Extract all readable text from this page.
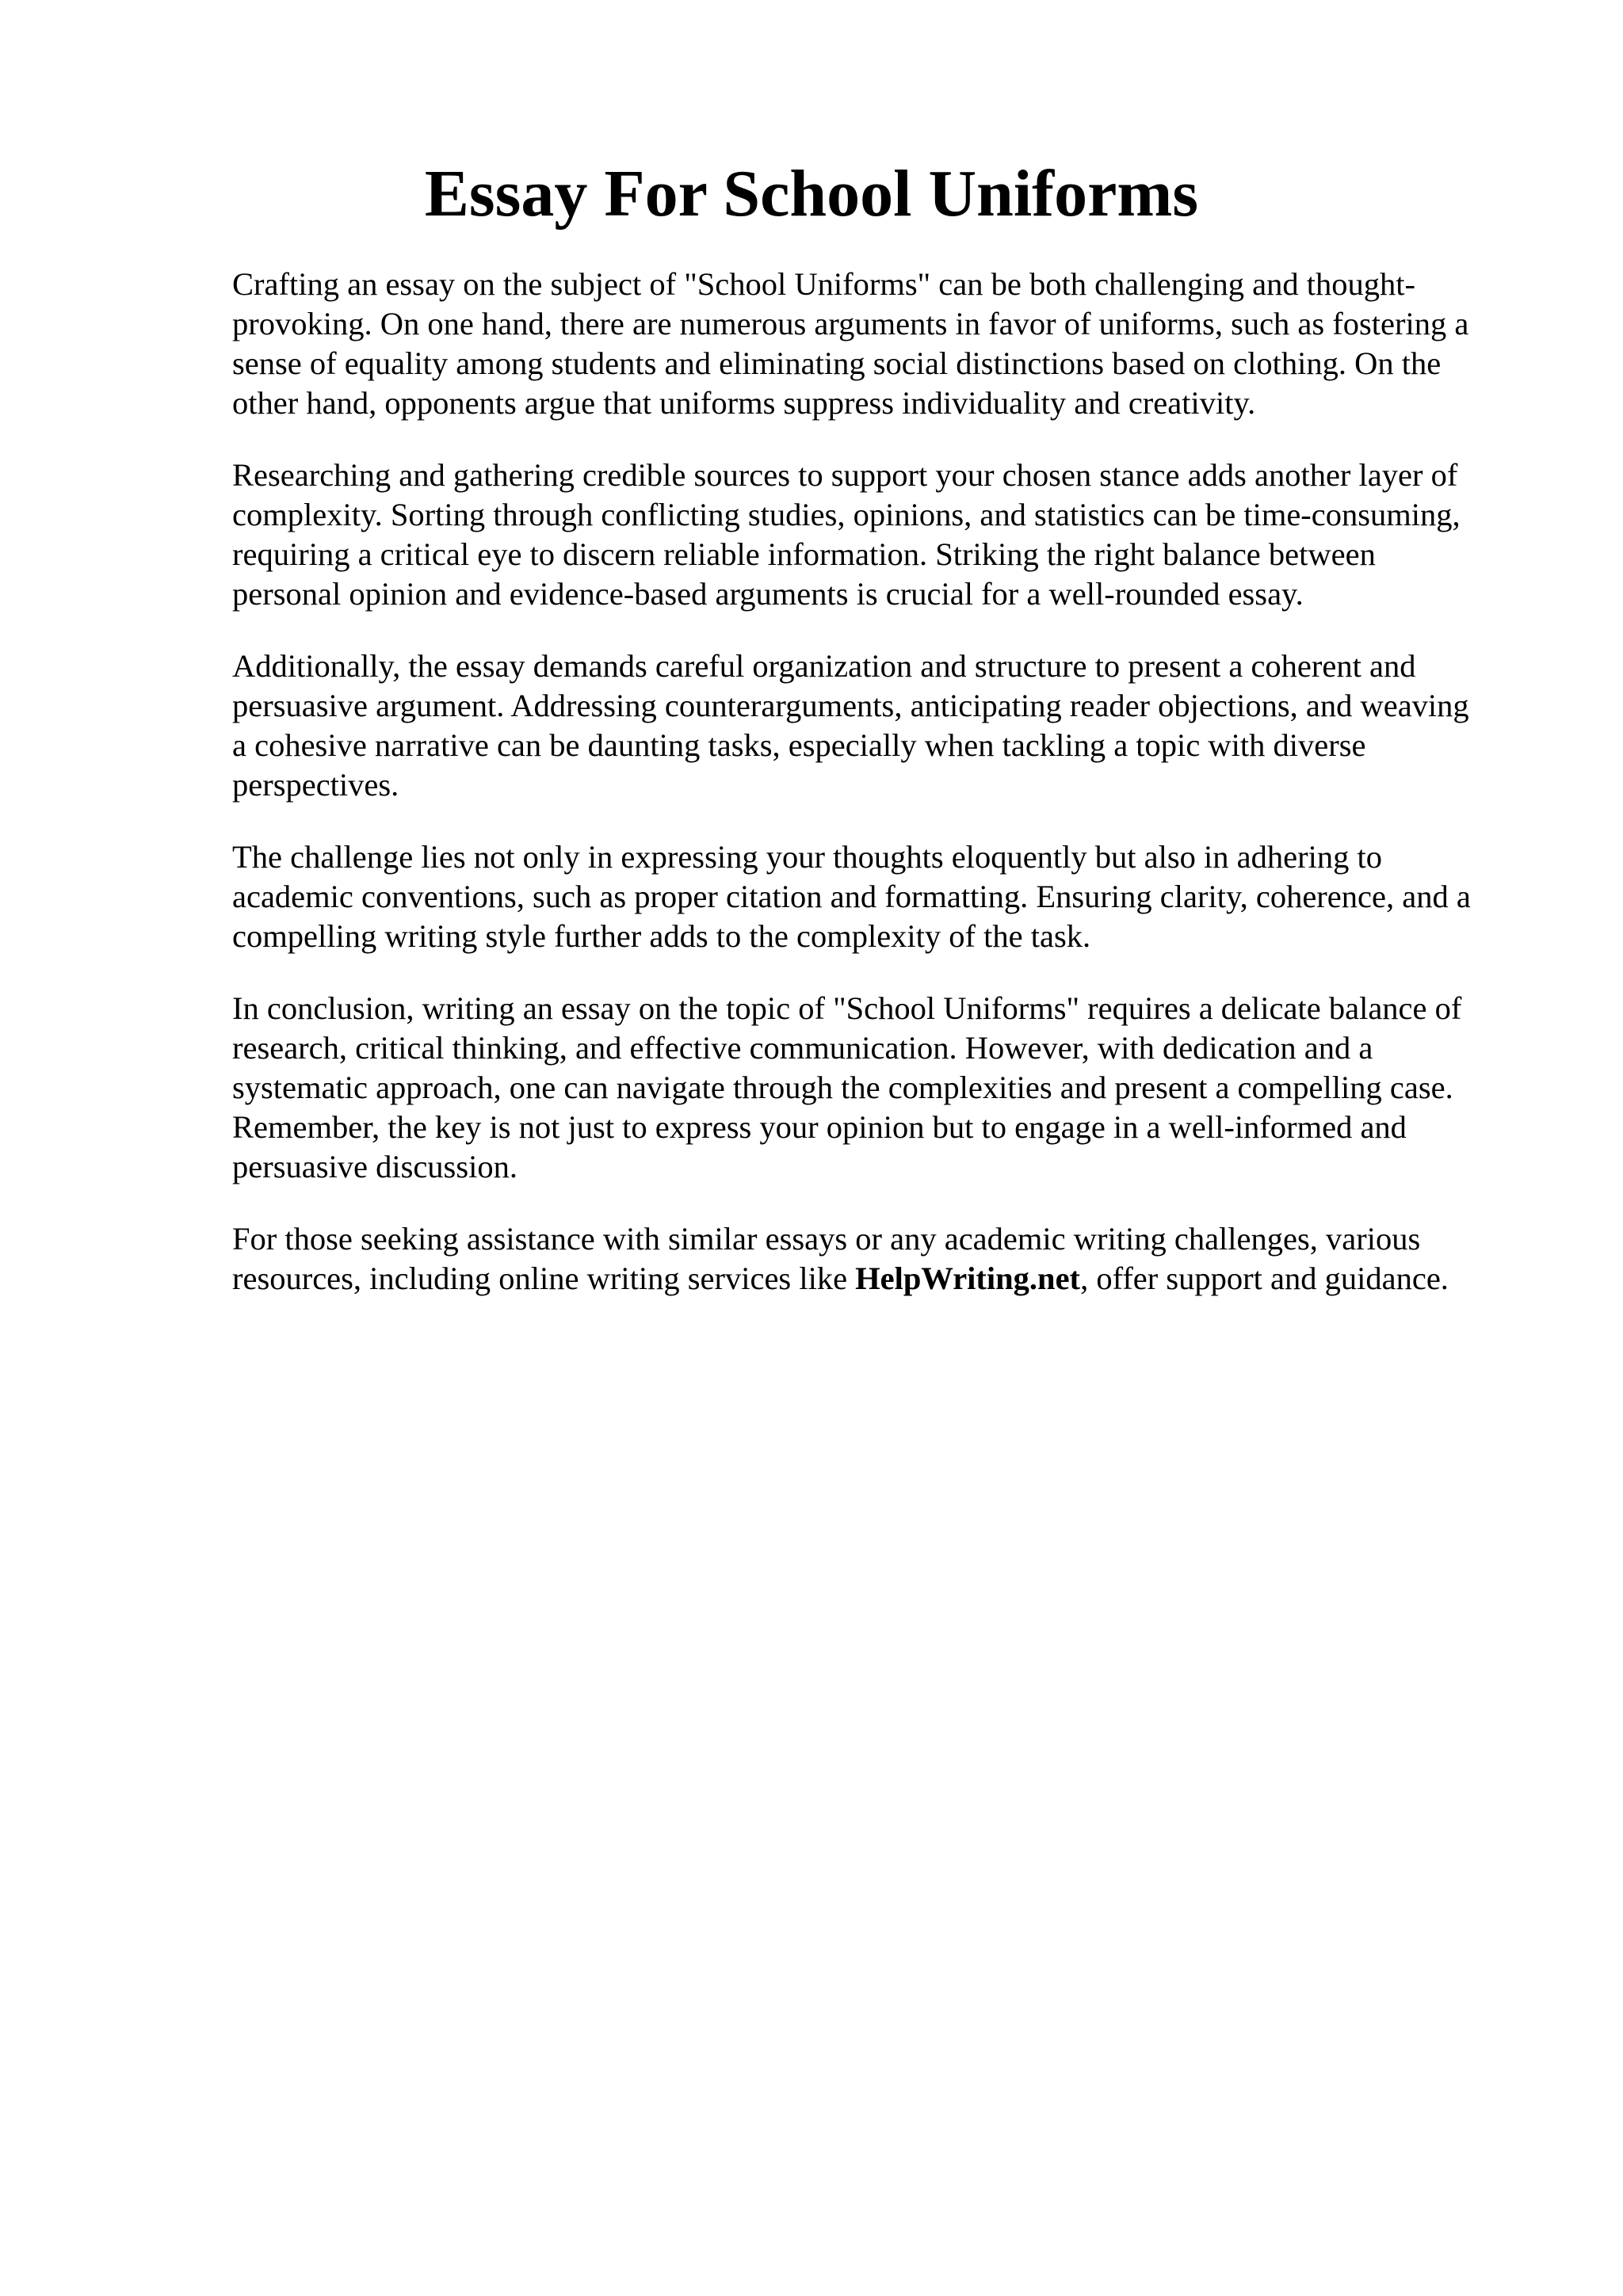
Essay For School Uniforms

Crafting an essay on the subject of "School Uniforms" can be both challenging and thought-
provoking. On one hand, there are numerous arguments in favor of uniforms, such as fostering a
sense of equality among students and eliminating social distinctions based on clothing. On the
other hand, opponents argue that uniforms suppress individuality and creativity.

Researching and gathering credible sources to support your chosen stance adds another layer of
complexity. Sorting through conflicting studies, opinions, and statistics can be time-consuming,
requiring a critical eye to discern reliable information. Striking the right balance between
personal opinion and evidence-based arguments is crucial for a well-rounded essay.

Additionally, the essay demands careful organization and structure to present a coherent and
persuasive argument. Addressing counterarguments, anticipating reader objections, and weaving
a cohesive narrative can be daunting tasks, especially when tackling a topic with diverse
perspectives.

The challenge lies not only in expressing your thoughts eloquently but also in adhering to
academic conventions, such as proper citation and formatting. Ensuring clarity, coherence, and a
compelling writing style further adds to the complexity of the task.

In conclusion, writing an essay on the topic of "School Uniforms" requires a delicate balance of
research, critical thinking, and effective communication. However, with dedication and a
systematic approach, one can navigate through the complexities and present a compelling case.
Remember, the key is not just to express your opinion but to engage in a well-informed and
persuasive discussion.

For those seeking assistance with similar essays or any academic writing challenges, various
resources, including online writing services like HelpWriting.net, offer support and guidance.
